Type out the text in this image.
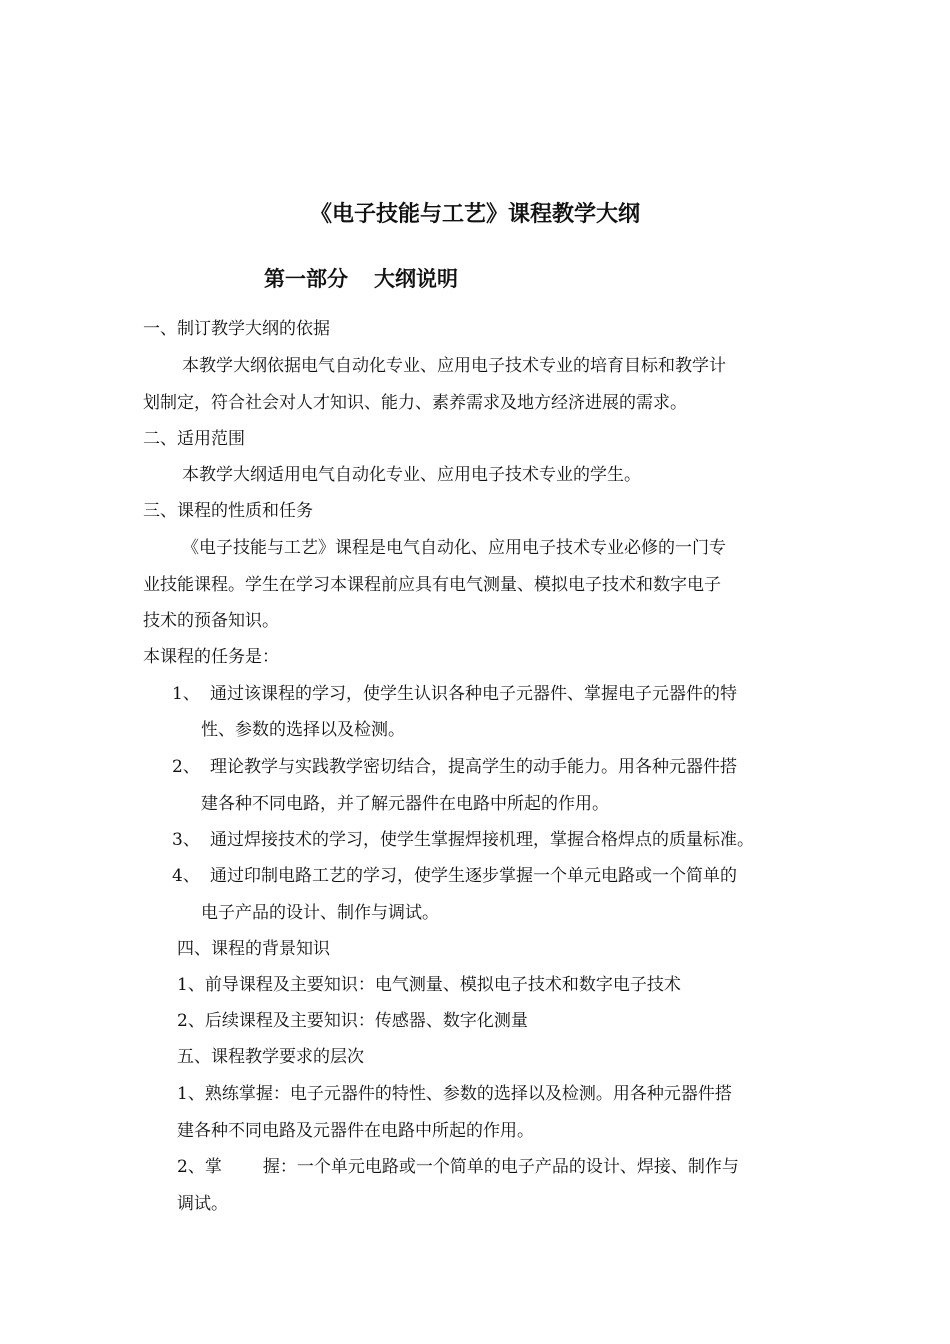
《电子技能与工艺》课程教学大纲
第一部分 大纲说明
一、制订教学大纲的依据
本教学大纲依据电气自动化专业、应用电子技术专业的培育目标和教学计
划制定，符合社会对人才知识、能力、素养需求及地方经济进展的需求。
二、适用范围
本教学大纲适用电气自动化专业、应用电子技术专业的学生。
三、课程的性质和任务
《电子技能与工艺》课程是电气自动化、应用电子技术专业必修的一门专
业技能课程。学生在学习本课程前应具有电气测量、模拟电子技术和数字电子
技术的预备知识。
本课程的任务是：
1、 通过该课程的学习，使学生认识各种电子元器件、掌握电子元器件的特
性、参数的选择以及检测。
2、 理论教学与实践教学密切结合，提高学生的动手能力。用各种元器件搭
建各种不同电路，并了解元器件在电路中所起的作用。
3、 通过焊接技术的学习，使学生掌握焊接机理，掌握合格焊点的质量标准。
4、 通过印制电路工艺的学习，使学生逐步掌握一个单元电路或一个简单的
电子产品的设计、制作与调试。
四、课程的背景知识
1、前导课程及主要知识：电气测量、模拟电子技术和数字电子技术
2、后续课程及主要知识：传感器、数字化测量
五、课程教学要求的层次
1、熟练掌握：电子元器件的特性、参数的选择以及检测。用各种元器件搭
建各种不同电路及元器件在电路中所起的作用。
2、掌 握：一个单元电路或一个简单的电子产品的设计、焊接、制作与
调试。
